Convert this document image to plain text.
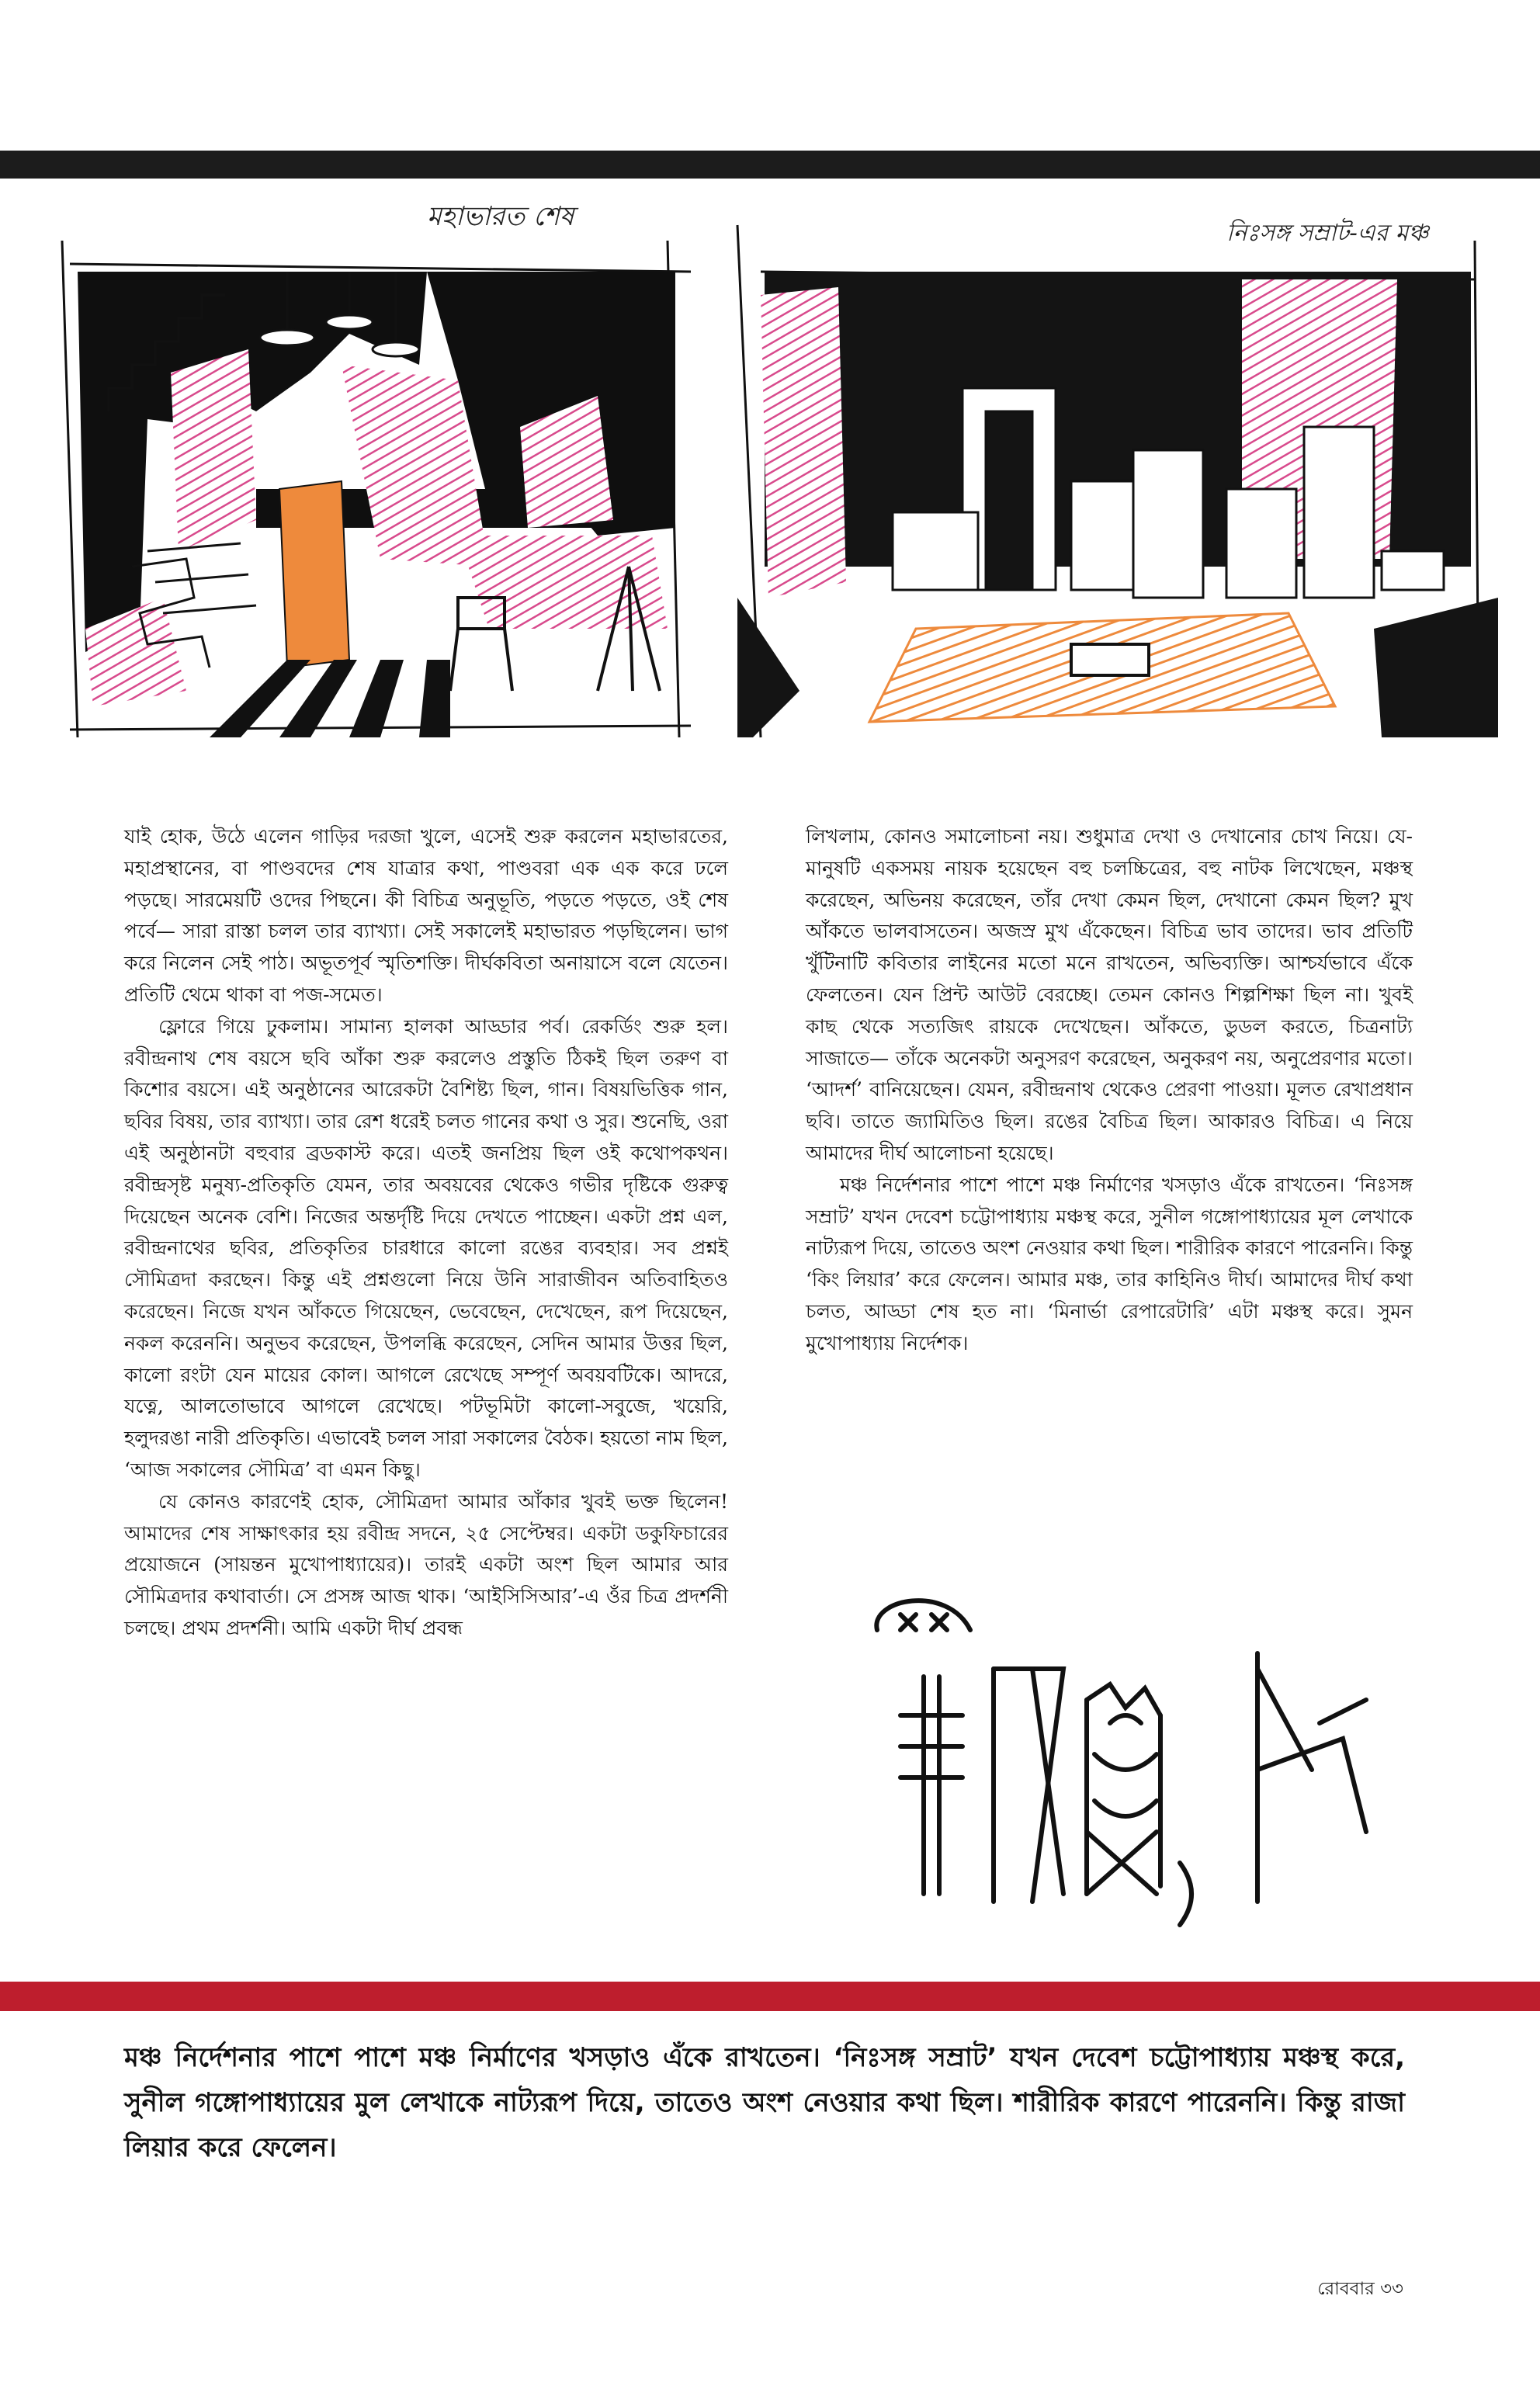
মহাভারত শেষ
নিঃসঙ্গ সম্রাট-এর মঞ্চ

যাই হোক, উঠে এলেন গাড়ির দরজা খুলে, এসেই শুরু করলেন মহাভারতের, মহাপ্রস্থানের, বা পাণ্ডবদের শেষ যাত্রার কথা, পাণ্ডবরা এক এক করে ঢলে পড়ছে। সারমেয়টি ওদের পিছনে। কী বিচিত্র অনুভূতি, পড়তে পড়তে, ওই শেষ পর্বে— সারা রাস্তা চলল তার ব্যাখ্যা। সেই সকালেই মহাভারত পড়ছিলেন। ভাগ করে নিলেন সেই পাঠ। অভূতপূর্ব স্মৃতিশক্তি। দীর্ঘকবিতা অনায়াসে বলে যেতেন। প্রতিটি থেমে থাকা বা পজ-সমেত।

ফ্লোরে গিয়ে ঢুকলাম। সামান্য হালকা আড্ডার পর্ব। রেকর্ডিং শুরু হল। রবীন্দ্রনাথ শেষ বয়সে ছবি আঁকা শুরু করলেও প্রস্তুতি ঠিকই ছিল তরুণ বা কিশোর বয়সে। এই অনুষ্ঠানের আরেকটা বৈশিষ্ট্য ছিল, গান। বিষয়ভিত্তিক গান, ছবির বিষয়, তার ব্যাখ্যা। তার রেশ ধরেই চলত গানের কথা ও সুর। শুনেছি, ওরা এই অনুষ্ঠানটা বহুবার ব্রডকাস্ট করে। এতই জনপ্রিয় ছিল ওই কথোপকথন। রবীন্দ্রসৃষ্ট মনুষ্য-প্রতিকৃতি যেমন, তার অবয়বের থেকেও গভীর দৃষ্টিকে গুরুত্ব দিয়েছেন অনেক বেশি। নিজের অন্তর্দৃষ্টি দিয়ে দেখতে পাচ্ছেন। একটা প্রশ্ন এল, রবীন্দ্রনাথের ছবির, প্রতিকৃতির চারধারে কালো রঙের ব্যবহার। সব প্রশ্নই সৌমিত্রদা করছেন। কিন্তু এই প্রশ্নগুলো নিয়ে উনি সারাজীবন অতিবাহিতও করেছেন। নিজে যখন আঁকতে গিয়েছেন, ভেবেছেন, দেখেছেন, রূপ দিয়েছেন, নকল করেননি। অনুভব করেছেন, উপলব্ধি করেছেন, সেদিন আমার উত্তর ছিল, কালো রংটা যেন মায়ের কোল। আগলে রেখেছে সম্পূর্ণ অবয়বটিকে। আদরে, যত্নে, আলতোভাবে আগলে রেখেছে। পটভূমিটা কালো-সবুজে, খয়েরি, হলুদরঙা নারী প্রতিকৃতি। এভাবেই চলল সারা সকালের বৈঠক। হয়তো নাম ছিল, ‘আজ সকালের সৌমিত্র’ বা এমন কিছু।

যে কোনও কারণেই হোক, সৌমিত্রদা আমার আঁকার খুবই ভক্ত ছিলেন! আমাদের শেষ সাক্ষাৎকার হয় রবীন্দ্র সদনে, ২৫ সেপ্টেম্বর। একটা ডকুফিচারের প্রয়োজনে (সায়ন্তন মুখোপাধ্যায়ের)। তারই একটা অংশ ছিল আমার আর সৌমিত্রদার কথাবার্তা। সে প্রসঙ্গ আজ থাক। ‘আইসিসিআর’-এ ওঁর চিত্র প্রদর্শনী চলছে। প্রথম প্রদর্শনী। আমি একটা দীর্ঘ প্রবন্ধ

লিখলাম, কোনও সমালোচনা নয়। শুধুমাত্র দেখা ও দেখানোর চোখ নিয়ে। যে-মানুষটি একসময় নায়ক হয়েছেন বহু চলচ্চিত্রের, বহু নাটক লিখেছেন, মঞ্চস্থ করেছেন, অভিনয় করেছেন, তাঁর দেখা কেমন ছিল, দেখানো কেমন ছিল? মুখ আঁকতে ভালবাসতেন। অজস্র মুখ এঁকেছেন। বিচিত্র ভাব তাদের। ভাব প্রতিটি খুঁটিনাটি কবিতার লাইনের মতো মনে রাখতেন, অভিব্যক্তি। আশ্চর্যভাবে এঁকে ফেলতেন। যেন প্রিন্ট আউট বেরচ্ছে। তেমন কোনও শিল্পশিক্ষা ছিল না। খুবই কাছ থেকে সত্যজিৎ রায়কে দেখেছেন। আঁকতে, ডুডল করতে, চিত্রনাট্য সাজাতে— তাঁকে অনেকটা অনুসরণ করেছেন, অনুকরণ নয়, অনুপ্রেরণার মতো। ‘আদর্শ’ বানিয়েছেন। যেমন, রবীন্দ্রনাথ থেকেও প্রেরণা পাওয়া। মূলত রেখাপ্রধান ছবি। তাতে জ্যামিতিও ছিল। রঙের বৈচিত্র ছিল। আকারও বিচিত্র। এ নিয়ে আমাদের দীর্ঘ আলোচনা হয়েছে।

মঞ্চ নির্দেশনার পাশে পাশে মঞ্চ নির্মাণের খসড়াও এঁকে রাখতেন। ‘নিঃসঙ্গ সম্রাট’ যখন দেবেশ চট্টোপাধ্যায় মঞ্চস্থ করে, সুনীল গঙ্গোপাধ্যায়ের মূল লেখাকে নাট্যরূপ দিয়ে, তাতেও অংশ নেওয়ার কথা ছিল। শারীরিক কারণে পারেননি। কিন্তু ‘কিং লিয়ার’ করে ফেলেন। আমার মঞ্চ, তার কাহিনিও দীর্ঘ। আমাদের দীর্ঘ কথা চলত, আড্ডা শেষ হত না। ‘মিনার্ভা রেপারেটারি’ এটা মঞ্চস্থ করে। সুমন মুখোপাধ্যায় নির্দেশক।

মঞ্চ নির্দেশনার পাশে পাশে মঞ্চ নির্মাণের খসড়াও এঁকে রাখতেন। ‘নিঃসঙ্গ সম্রাট’ যখন দেবেশ চট্টোপাধ্যায় মঞ্চস্থ করে, সুনীল গঙ্গোপাধ্যায়ের মুল লেখাকে নাট্যরূপ দিয়ে, তাতেও অংশ নেওয়ার কথা ছিল। শারীরিক কারণে পারেননি। কিন্তু রাজা লিয়ার করে ফেলেন।
রোববার ৩৩
